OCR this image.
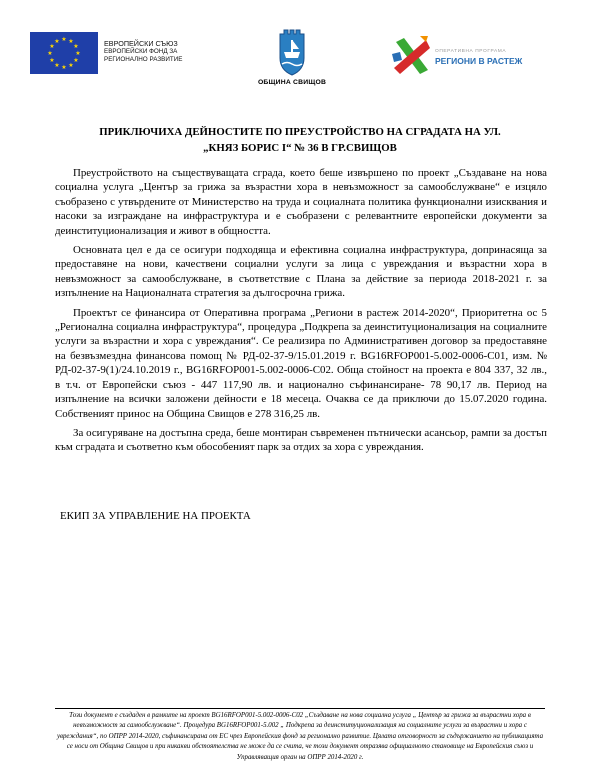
★ ★
★
★
★
★
★
★
★
★
★
★	ЕВРОПЕЙСКИ СЪЮЗ
ЕВРОПЕЙСКИ ФОНД ЗА
РЕГИОНАЛНО РАЗВИТИЕ
ОБЩИНА СВИЩОВ
ОПЕРАТИВНА ПРОГРАМА
РЕГИОНИ В РАСТЕЖ
ПРИКЛЮЧИХА ДЕЙНОСТИТЕ ПО ПРЕУСТРОЙСТВО НА СГРАДАТА НА УЛ.
„КНЯЗ БОРИС I“ № 36 В ГР.СВИЩОВ

Преустройството на съществуващата сграда, което беше извършено по проект „Създаване на нова социална услуга „Център за грижа за възрастни хора в невъзможност за самообслужване“ е изцяло съобразено с утвърдените от Министерство на труда и социалната политика функционални изисквания и насоки за изграждане на инфраструктура и е съобразени с релевантните европейски документи за деинституционализация и живот в общността.

Основната цел е да се осигури подходяща и ефективна социална инфраструктура, допринасяща за предоставяне на нови, качествени социални услуги за лица с увреждания и възрастни хора в невъзможност за самообслужване, в съответствие с Плана за действие за периода 2018-2021 г. за изпълнение на Националната стратегия за дългосрочна грижа.

Проектът се финансира от Оперативна програма „Региони в растеж 2014-2020“, Приоритетна ос 5 „Регионална социална инфраструктура“, процедура „Подкрепа за деинституционализация на социалните услуги за възрастни и хора с увреждания“. Се реализира по Административен договор за предоставяне на безвъзмездна финансова помощ № РД-02-37-9/15.01.2019 г. BG16RFOP001-5.002-0006-C01, изм. № РД-02-37-9(1)/24.10.2019 г., BG16RFOP001-5.002-0006-C02. Обща стойност на проекта е 804 337, 32 лв., в т.ч. от Европейски съюз - 447 117,90 лв. и национално съфинансиране- 78 90,17 лв. Период на изпълнение на всички заложени дейности е 18 месеца. Очаква се да приключи до 15.07.2020 година. Собственият принос на Община Свищов е 278 316,25 лв.

За осигуряване на достъпна среда, беше монтиран съвременен пътнически асансьор, рампи за достъп към сградата и съответно към обособеният парк за отдих за хора с увреждания.

ЕКИП ЗА УПРАВЛЕНИЕ НА ПРОЕКТА
Този документ е създаден в рамките на проект BG16RFOP001-5.002-0006-C02 „Създаване на нова социална услуга „ Център за грижа за възрастни хора в невъзможност за самообслужване“. Процедура BG16RFOP001-5.002 „ Подкрепа за деинституционализация на социалните услуги за възрастни и хора с увреждания“, по ОПРР 2014-2020, съфинансирана от ЕС чрез Европейския фонд за регионално развитие. Цялата отговорност за съдържанието на публикацията се носи от Община Свищов и при никакви обстоятелства не може да се счита, че този документ отразява официалното становище на Европейския съюз и Управляващия орган на ОПРР 2014-2020 г.
